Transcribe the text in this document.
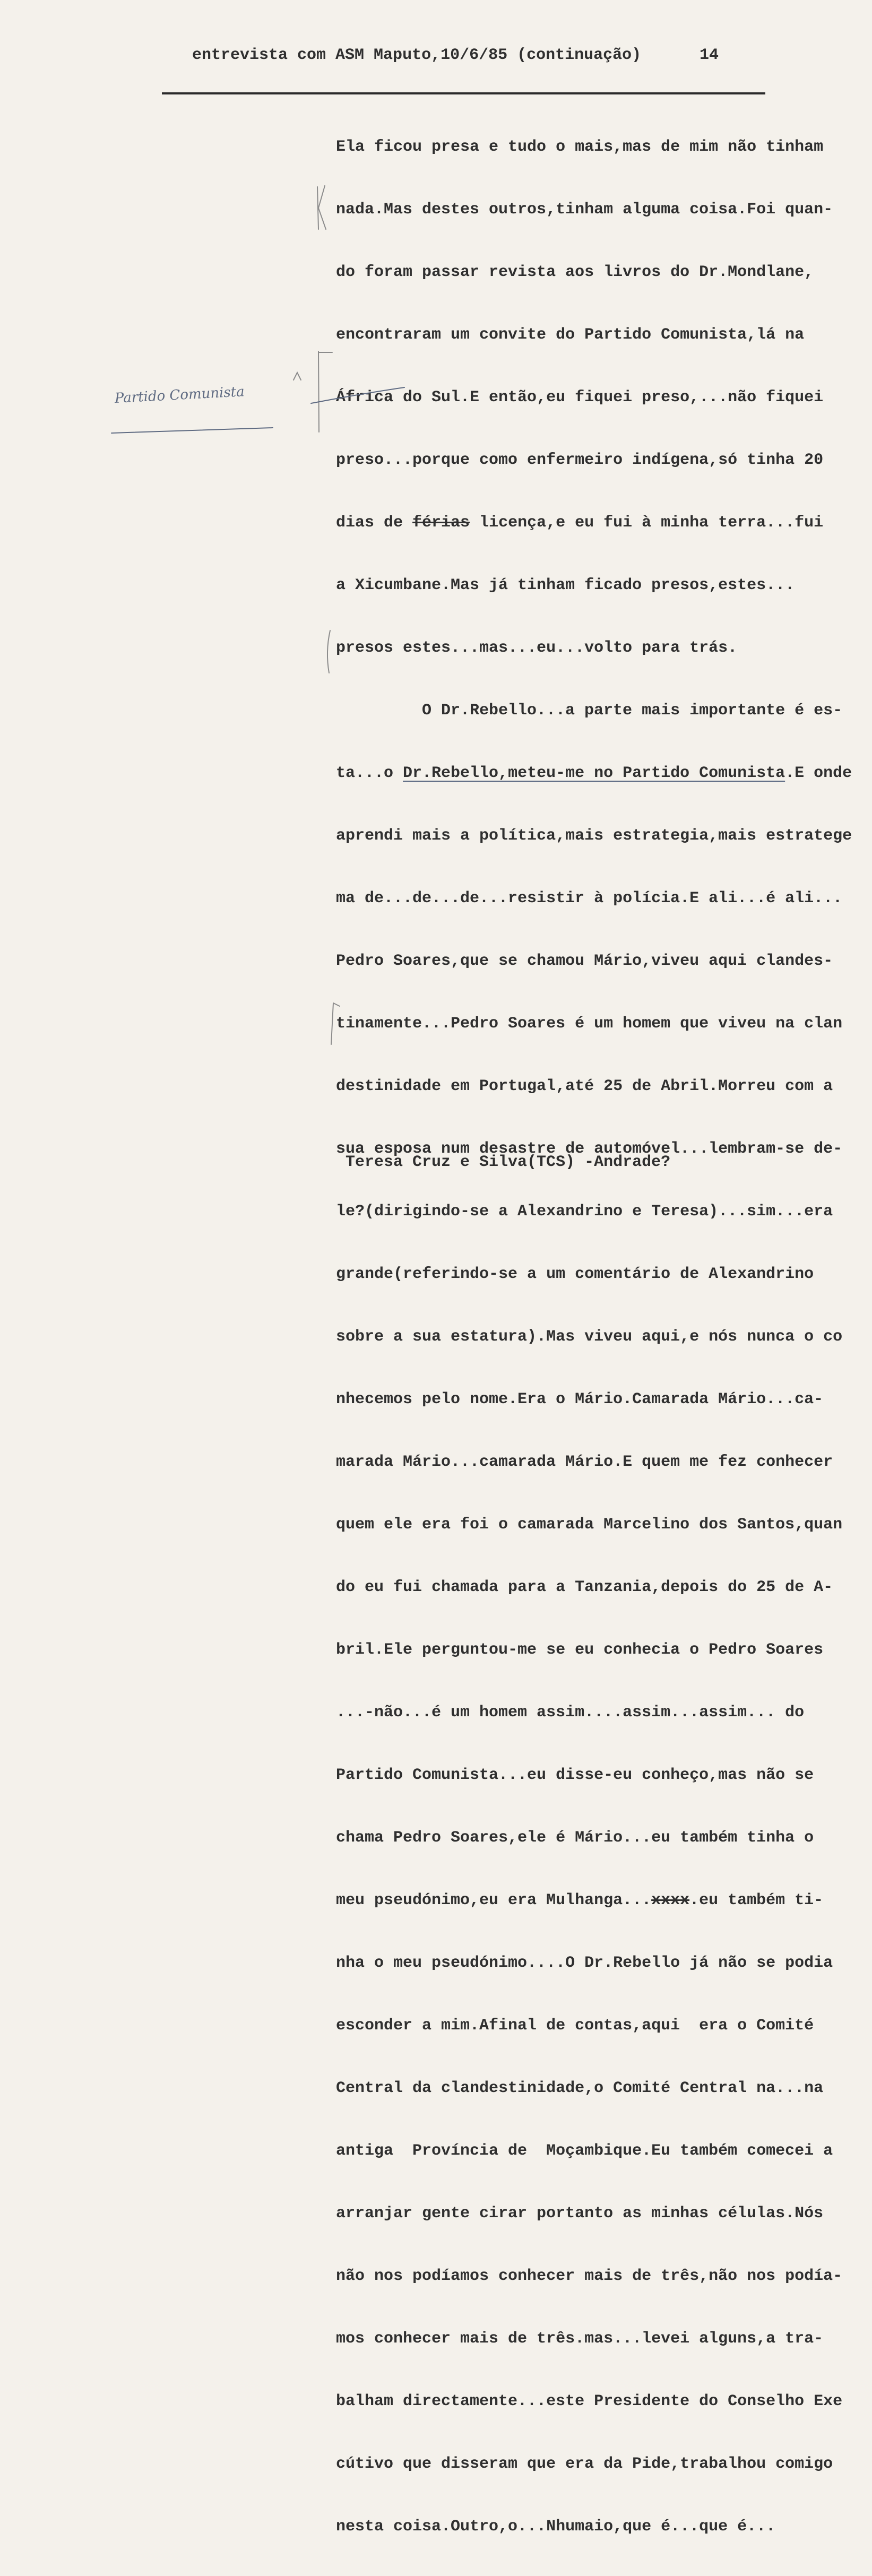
entrevista com ASM Maputo,10/6/85 (continuação)	14
Partido Comunista

Ela ficou presa e tudo o mais,mas de mim não tinham

nada.Mas destes outros,tinham alguma coisa.Foi quan-

do foram passar revista aos livros do Dr.Mondlane,

encontraram um convite do Partido Comunista,lá na

África do Sul.E então,eu fiquei preso,...não fiquei

preso...porque como enfermeiro indígena,só tinha 20

dias de férias licença,e eu fui à minha terra...fui

a Xicumbane.Mas já tinham ficado presos,estes...

presos estes...mas...eu...volto para trás.

O Dr.Rebello...a parte mais importante é es-

ta...o Dr.Rebello,meteu-me no Partido Comunista.E onde

aprendi mais a política,mais estrategia,mais estratege

ma de...de...de...resistir à polícia.E ali...é ali...

Pedro Soares,que se chamou Mário,viveu aqui clandes-

tinamente...Pedro Soares é um homem que viveu na clan

destinidade em Portugal,até 25 de Abril.Morreu com a

sua esposa num desastre de automóvel...lembram-se de-

le?(dirigindo-se a Alexandrino e Teresa)...sim...era

grande(referindo-se a um comentário de Alexandrino

sobre a sua estatura).Mas viveu aqui,e nós nunca o co

nhecemos pelo nome.Era o Mário.Camarada Mário...ca-

marada Mário...camarada Mário.E quem me fez conhecer

quem ele era foi o camarada Marcelino dos Santos,quan

do eu fui chamada para a Tanzania,depois do 25 de A-

bril.Ele perguntou-me se eu conhecia o Pedro Soares

...-não...é um homem assim....assim...assim... do

Partido Comunista...eu disse-eu conheço,mas não se

chama Pedro Soares,ele é Mário...eu também tinha o

meu pseudónimo,eu era Mulhanga...xxxx.eu também ti-

nha o meu pseudónimo....O Dr.Rebello já não se podia

esconder a mim.Afinal de contas,aqui  era o Comité

Central da clandestinidade,o Comité Central na...na

antiga  Província de  Moçambique.Eu também comecei a

arranjar gente cirar portanto as minhas células.Nós

não nos podíamos conhecer mais de três,não nos podía-

mos conhecer mais de três.mas...levei alguns,a tra-

balham directamente...este Presidente do Conselho Exe

cútivo que disseram que era da Pide,trabalhou comigo

nesta coisa.Outro,o...Nhumaio,que é...que é...

Teresa Cruz e Silva(TCS) -Andrade?
